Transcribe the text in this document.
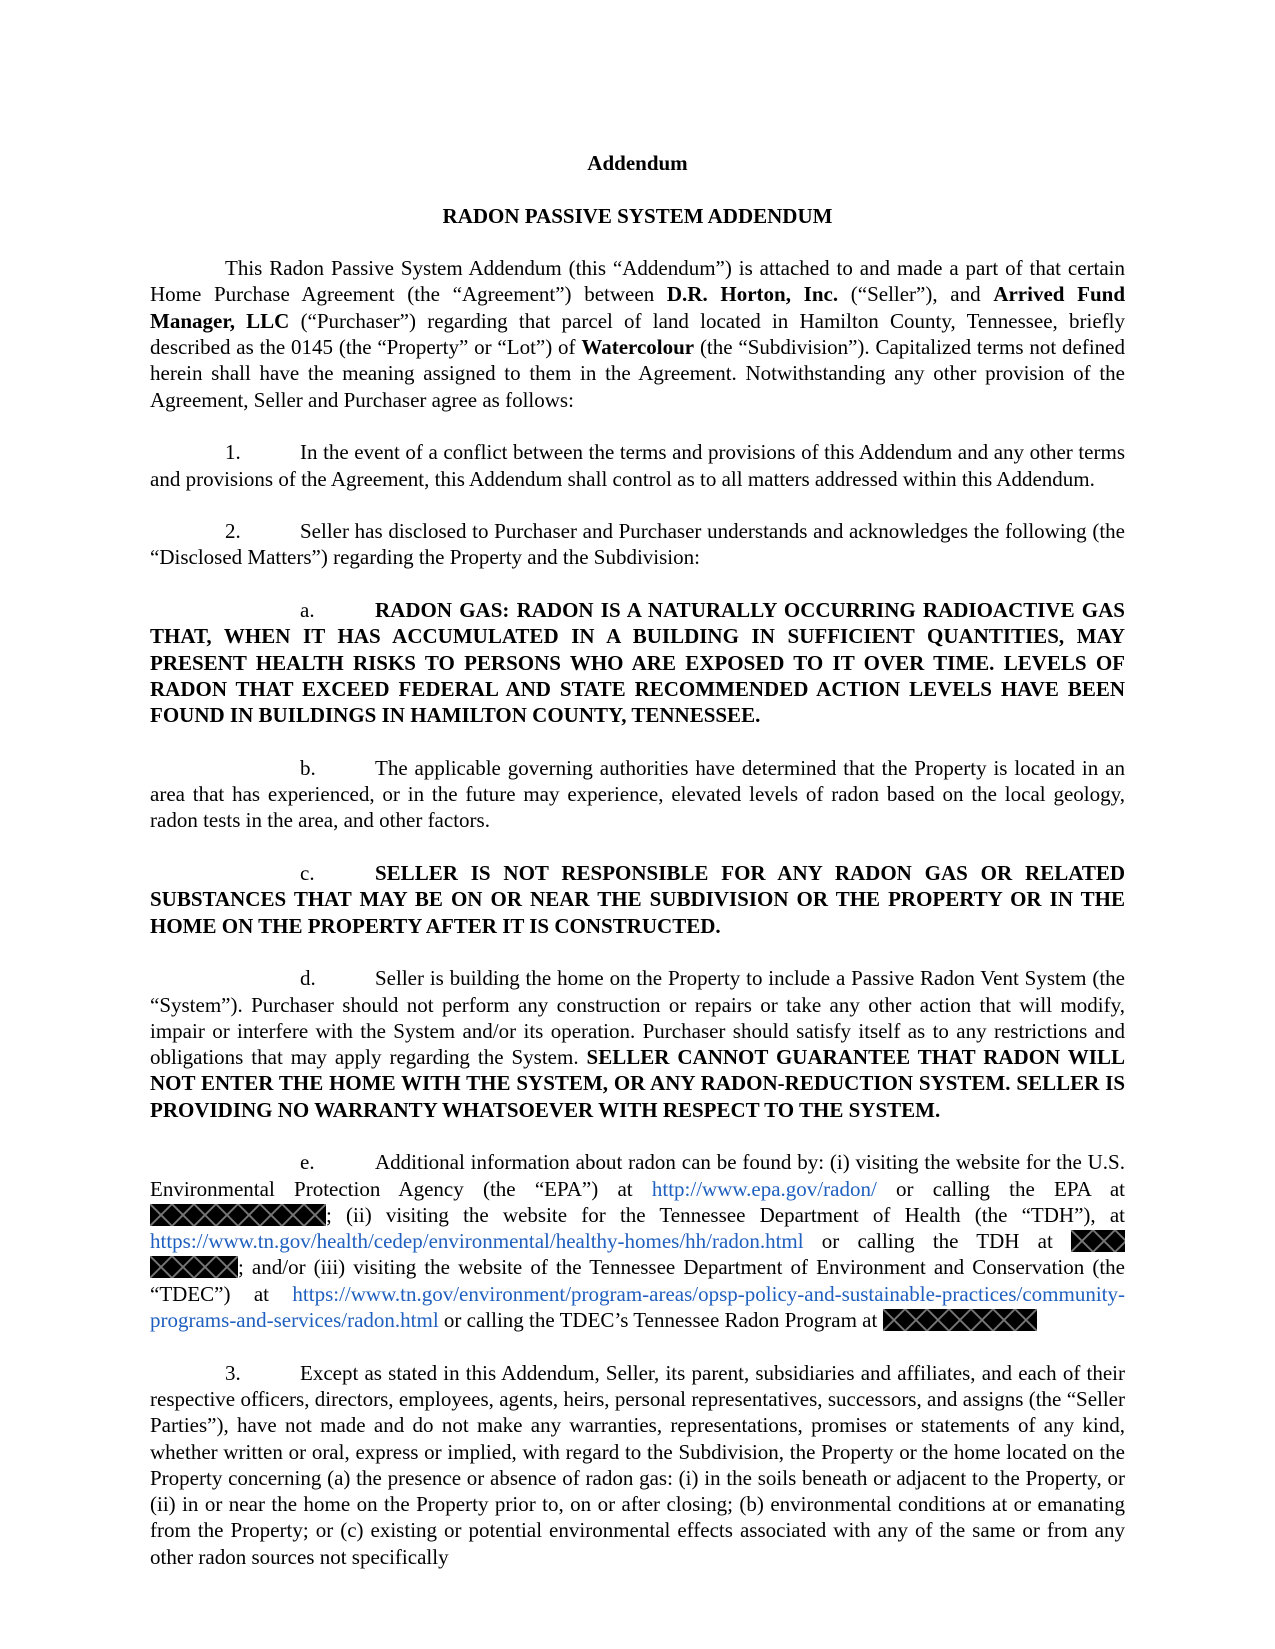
Addendum
RADON PASSIVE SYSTEM ADDENDUM

This Radon Passive System Addendum (this “Addendum”) is attached to and made a part of that certain Home Purchase Agreement (the “Agreement”) between D.R. Horton, Inc. (“Seller”), and Arrived Fund Manager, LLC (“Purchaser”) regarding that parcel of land located in Hamilton County, Tennessee, briefly described as the 0145 (the “Property” or “Lot”) of Watercolour (the “Subdivision”). Capitalized terms not defined herein shall have the meaning assigned to them in the Agreement. Notwithstanding any other provision of the Agreement, Seller and Purchaser agree as follows:

1.	In the event of a conflict between the terms and provisions of this Addendum and any other terms and provisions of the Agreement, this Addendum shall control as to all matters addressed within this Addendum.

2.	Seller has disclosed to Purchaser and Purchaser understands and acknowledges the following (the “Disclosed Matters”) regarding the Property and the Subdivision:

a.	RADON GAS: RADON IS A NATURALLY OCCURRING RADIOACTIVE GAS THAT, WHEN IT HAS ACCUMULATED IN A BUILDING IN SUFFICIENT QUANTITIES, MAY PRESENT HEALTH RISKS TO PERSONS WHO ARE EXPOSED TO IT OVER TIME. LEVELS OF RADON THAT EXCEED FEDERAL AND STATE RECOMMENDED ACTION LEVELS HAVE BEEN FOUND IN BUILDINGS IN HAMILTON COUNTY, TENNESSEE.

b.	The applicable governing authorities have determined that the Property is located in an area that has experienced, or in the future may experience, elevated levels of radon based on the local geology, radon tests in the area, and other factors.

c.	SELLER IS NOT RESPONSIBLE FOR ANY RADON GAS OR RELATED SUBSTANCES THAT MAY BE ON OR NEAR THE SUBDIVISION OR THE PROPERTY OR IN THE HOME ON THE PROPERTY AFTER IT IS CONSTRUCTED.

d.	Seller is building the home on the Property to include a Passive Radon Vent System (the “System”). Purchaser should not perform any construction or repairs or take any other action that will modify, impair or interfere with the System and/or its operation. Purchaser should satisfy itself as to any restrictions and obligations that may apply regarding the System. SELLER CANNOT GUARANTEE THAT RADON WILL NOT ENTER THE HOME WITH THE SYSTEM, OR ANY RADON-REDUCTION SYSTEM. SELLER IS PROVIDING NO WARRANTY WHATSOEVER WITH RESPECT TO THE SYSTEM.

e.	Additional information about radon can be found by: (i) visiting the website for the U.S. Environmental Protection Agency (the “EPA”) at http://www.epa.gov/radon/ or calling the EPA at ; (ii) visiting the website for the Tennessee Department of Health (the “TDH”), at https://www.tn.gov/health/cedep/environmental/healthy-homes/hh/radon.html or calling the TDH at  ; and/or (iii) visiting the website of the Tennessee Department of Environment and Conservation (the “TDEC”) at https://www.tn.gov/environment/program-areas/opsp-policy-and-sustainable-practices/community-programs-and-services/radon.html or calling the TDEC’s Tennessee Radon Program at

3.	Except as stated in this Addendum, Seller, its parent, subsidiaries and affiliates, and each of their respective officers, directors, employees, agents, heirs, personal representatives, successors, and assigns (the “Seller Parties”), have not made and do not make any warranties, representations, promises or statements of any kind, whether written or oral, express or implied, with regard to the Subdivision, the Property or the home located on the Property concerning (a) the presence or absence of radon gas: (i) in the soils beneath or adjacent to the Property, or (ii) in or near the home on the Property prior to, on or after closing; (b) environmental conditions at or emanating from the Property; or (c) existing or potential environmental effects associated with any of the same or from any other radon sources not specifically
